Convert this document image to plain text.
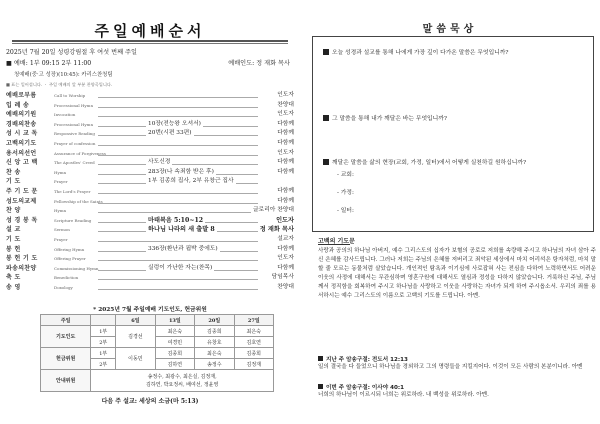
주일예배순서
2025년 7월 20일 성령강림절 후 여섯 번째 주일
■ 예배: 1부 09:15 2부 11:00	예배인도: 정 재화 목사
청예배(중·고 성장)(10:45): 카리스찬청팀
■ 표는 일어섭니다. ㆍ 주일 예배의 앞 부분 찬양곡입니다.
예배로부름	Call to Worship	인도자
입 례 송	Processional Hymn	찬양대
예배의기원	Invocation	인도자
경배의찬송	Processional Hymn	10장(전능왕 오셔서)	다함께
성 시 교 독	Responsive Reading	20번(시편 33편)	다함께
고백의기도	Prayer of confession	다함께
용서의선언	Assurance of Forgiveness	인도자
신 앙 고 백	The Apostles' Creed	사도신경	다함께
찬 송	Hymn	283장(나 속죄함 받은 후)	다함께
기 도	Prayer	1부 김종희 집사, 2부 유창근 집사
주 기 도 문	The Lord's Prayer	다함께
성도의교제	Fellowship of the Saints	다함께
찬 양	Hymn	글로리아 찬양대
성 경 봉 독	Scripture Reading	마태복음 5:10~12	인도자
설 교	Sermon	하나님 나라의 새 출발 8	정 재화 목사
기 도	Prayer	설교자
봉 헌	Offering Hymn	336장(환난과 핍박 중에도)	다함께
봉 헌 기 도	Offering Prayer	인도자
파송의찬양	Commissioning Hymn	실렁이 가난한 자는(찬목)	다함께
축 도	Benediction	담임목사
송 영	Doxology	찬양대
* 2025년 7월 주일예배 기도인도, 헌금위원
주일		6일	13일	20일	27일
기도인도	1부	김경선	최은숙	김종희	최은숙
	2부		여경민	유창호	김호연
헌금위원	1부	이동민	김종희	최은숙	김종희
	2부		김하연	송정수	김정재
안내위원	송정수, 최광수, 최은실, 김정재,
김하연, 박요정씨, 배여선, 정윤영				
다음 주 설교: 세상의 소금(마 5:13)
말씀묵상
오늘 성경과 설교를 통해 나에게 가장 깊이 다가온 말씀은 무엇입니까?
그 말씀을 통해 내가 깨달은 바는 무엇입니까?
깨달은 말씀을 삶의 현장(교회, 가정, 일터)에서 어떻게 실천하길 원하십니까?
- 교회:
- 가정:
- 일터:
고백의 기도문
사랑과 공의의 하나님 아버지, 예수 그리스도의 십자가 보혈의 공로로 저희를 속량해 주시고 하나님의 자녀 삼아 주신 은혜를 감사드립니다. 그러나 저희는 주님의 은혜를 저버리고 죄악된 세상에서 마치 어리석은 탕자처럼, 마치 말할 줄 모르는 동물처럼 살았습니다. 개인적인 탐욕과 이기심에 사로잡혀 사는 전심을 다하여 노력하면서도 어려운 이웃의 사정에 대해서는 무관심하며 영혼구원에 대해서도 열심과 정성을 다하지 않았습니다. 거룩하신 주님, 주님께서 정직함을 회복하여 주시고 하나님을 사랑하고 이웃을 사랑하는 자녀가 되게 하여 주시옵소서. 우리의 죄를 용서하시는 예수 그리스도의 이름으로 고백의 기도를 드립니다. 아멘.
지난 주 암송구절: 전도서 12:13
일의 결국을 다 들었으니 하나님을 경외하고 그의 명령들을 지킬지어다. 이것이 모든 사람의 본분이니라. 아멘
이번 주 암송구절: 이사야 40:1
너희의 하나님이 이르시되 너희는 위로하라. 내 백성을 위로하라. 아멘.
